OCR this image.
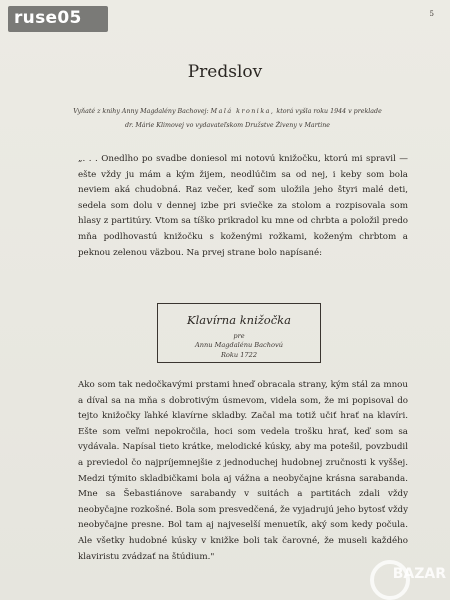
ruse05	5
Predslov
Vyňaté z knihy Anny Magdalény Bachovej: Malá kronika, ktorá vyšla roku 1944 v preklade
dr. Márie Klimovej vo vydavateľskom Družstve Živeny v Martine
„. . . Onedlho po svadbe doniesol mi notovú knižočku, ktorú mi spravil — ešte vždy ju mám a kým žijem, neodlúčim sa od nej, i keby som bola neviem aká chudobná. Raz večer, keď som uložila jeho štyri malé deti, sedela som dolu v dennej izbe pri sviečke za stolom a rozpisovala som hlasy z partitúry. Vtom sa tíško prikradol ku mne od chrbta a položil predo mňa podlhovastú knižočku s koženými rožkami, koženým chrbtom a peknou zelenou väzbou. Na prvej strane bolo napísané:
Klavírna knižočka
pre
Annu Magdalénu Bachovú
Roku 1722
Ako som tak nedočkavými prstami hneď obracala strany, kým stál za mnou a díval sa na mňa s dobrotivým úsmevom, videla som, že mi popisoval do tejto knižočky ľahké klavírne skladby. Začal ma totiž učiť hrať na klavíri. Ešte som veľmi nepokročila, hoci som vedela trošku hrať, keď som sa vydávala. Napísal tieto krátke, melodické kúsky, aby ma potešil, povzbudil a previedol čo najpríjemnejšie z jednoduchej hudobnej zručnosti k vyššej. Medzi týmito skladbičkami bola aj vážna a neobyčajne krásna sarabanda. Mne sa Šebastiánove sarabandy v suitách a partitách zdali vždy neobyčajne rozkošné. Bola som presvedčená, že vyjadrujú jeho bytosť vždy neobyčajne presne. Bol tam aj najveselší menuetík, aký som kedy počula. Ale všetky hudobné kúsky v knižke boli tak čarovné, že museli každého klaviristu zvádzať na štúdium."
BAZAR
